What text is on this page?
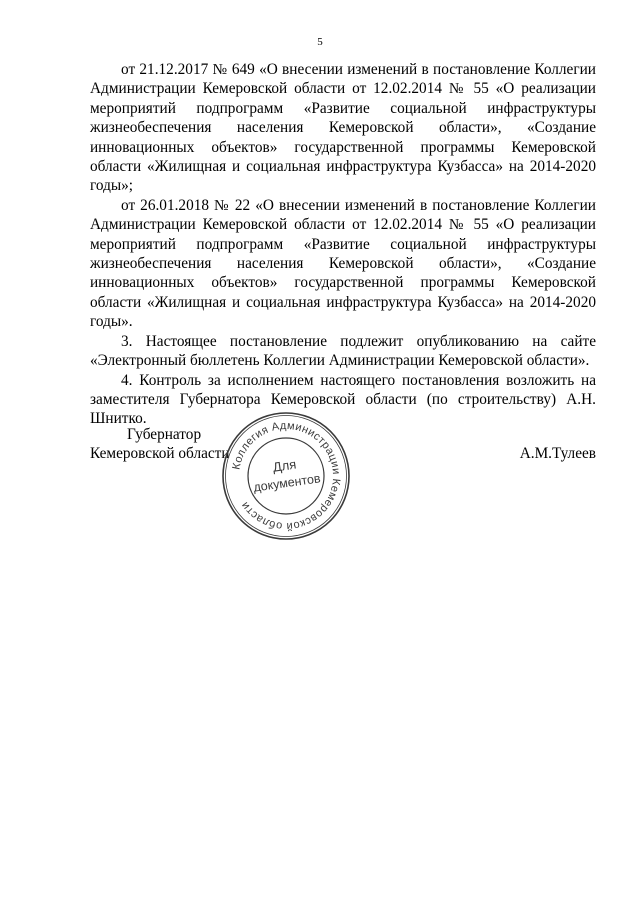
5

от 21.12.2017 № 649 «О внесении изменений в постановление Коллегии Администрации Кемеровской области от 12.02.2014 № 55 «О реализации мероприятий подпрограмм «Развитие социальной инфраструктуры жизнеобеспечения населения Кемеровской области», «Создание инновационных объектов» государственной программы Кемеровской области «Жилищная и социальная инфраструктура Кузбасса» на 2014-2020 годы»;

от 26.01.2018 № 22 «О внесении изменений в постановление Коллегии Администрации Кемеровской области от 12.02.2014 № 55 «О реализации мероприятий подпрограмм «Развитие социальной инфраструктуры жизнеобеспечения населения Кемеровской области», «Создание инновационных объектов» государственной программы Кемеровской области «Жилищная и социальная инфраструктура Кузбасса» на 2014-2020 годы».

3. Настоящее постановление подлежит опубликованию на сайте «Электронный бюллетень Коллегии Администрации Кемеровской области».

4. Контроль за исполнением настоящего постановления возложить на заместителя Губернатора Кемеровской области (по строительству) А.Н. Шнитко.

Губернатор
Кемеровской области	А.М.Тулеев
Коллегия Администрации Кемеровской области
Для
документов
